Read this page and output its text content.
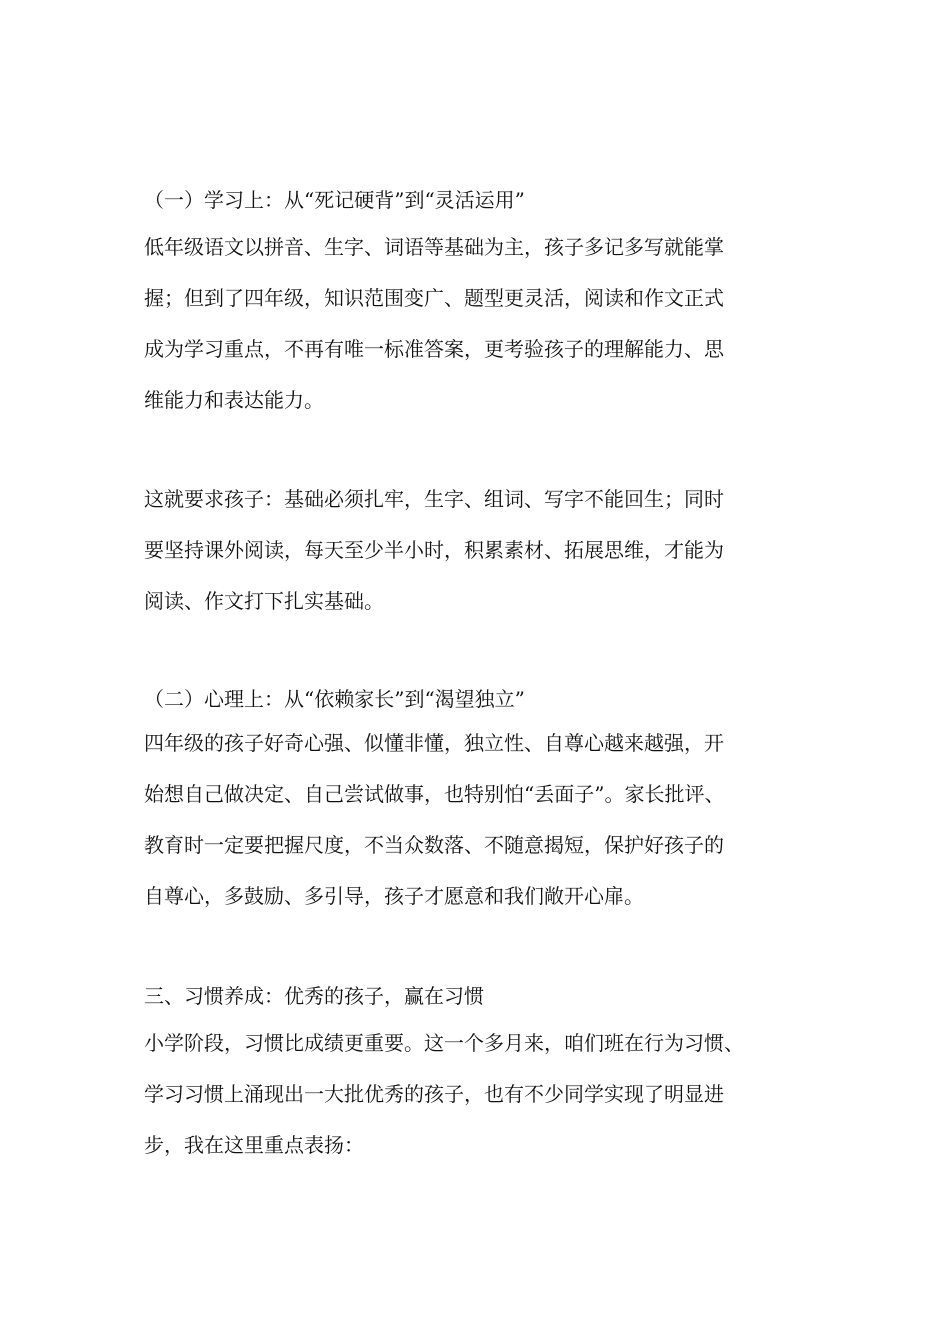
（一）学习上：从“死记硬背”到“灵活运用”
低年级语文以拼音、生字、词语等基础为主，孩子多记多写就能掌
握；但到了四年级，知识范围变广、题型更灵活，阅读和作文正式
成为学习重点，不再有唯一标准答案，更考验孩子的理解能力、思
维能力和表达能力。
这就要求孩子：基础必须扎牢，生字、组词、写字不能回生；同时
要坚持课外阅读，每天至少半小时，积累素材、拓展思维，才能为
阅读、作文打下扎实基础。
（二）心理上：从“依赖家长”到“渴望独立”
四年级的孩子好奇心强、似懂非懂，独立性、自尊心越来越强，开
始想自己做决定、自己尝试做事，也特别怕“丢面子”。家长批评、
教育时一定要把握尺度，不当众数落、不随意揭短，保护好孩子的
自尊心，多鼓励、多引导，孩子才愿意和我们敞开心扉。
三、习惯养成：优秀的孩子，赢在习惯
小学阶段，习惯比成绩更重要。这一个多月来，咱们班在行为习惯、
学习习惯上涌现出一大批优秀的孩子，也有不少同学实现了明显进
步，我在这里重点表扬：
